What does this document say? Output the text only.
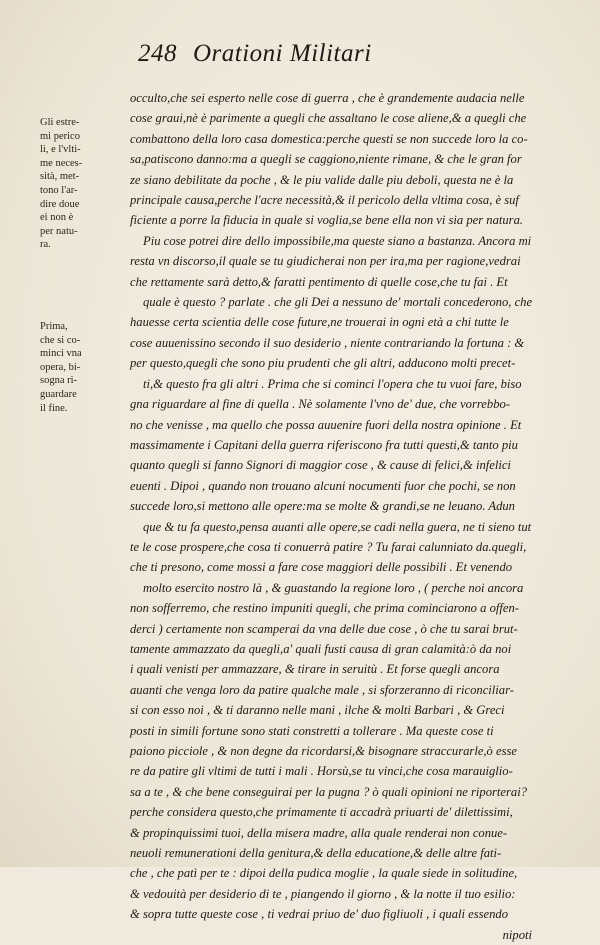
248 Orationi Militari
Gli estre-
mi perico
li, e l'vlti-
me neces-
sità, met-
tono l'ar-
dire doue
ei non è
per natu-
ra.
Prima,
che si co-
minci vna
opera, bi-
sogna ri-
guardare
il fine.
occulto,che sei esperto nelle cose di guerra , che è grandemente audacia nelle
cose graui,nè è parimente a quegli che assaltano le cose aliene,& a quegli che
combattono della loro casa domestica:perche questi se non succede loro la co-
sa,patiscono danno:ma a quegli se caggiono,niente rimane, & che le gran for
ze siano debilitate da poche , & le piu valide dalle piu deboli, questa ne è la
principale causa,perche l'acre necessità,& il pericolo della vltima cosa, è suf
ficiente a porre la fiducia in quale si voglia,se bene ella non vi sia per natura.
Piu cose potrei dire dello impossibile,ma queste siano a bastanza. Ancora mi
resta vn discorso,il quale se tu giudicherai non per ira,ma per ragione,vedrai
che rettamente sarà detto,& faratti pentimento di quelle cose,che tu fai . Et
quale è questo ? parlate . che gli Dei a nessuno de' mortali concederono, che
hauesse certa scientia delle cose future,ne trouerai in ogni età a chi tutte le
cose auuenissino secondo il suo desiderio , niente contrariando la fortuna : &
per questo,quegli che sono piu prudenti che gli altri, adducono molti precet-
ti,& questo fra gli altri . Prima che si cominci l'opera che tu vuoi fare, biso
gna riguardare al fine di quella . Nè solamente l'vno de' due, che vorrebbo-
no che venisse , ma quello che possa auuenire fuori della nostra opinione . Et
massimamente i Capitani della guerra riferiscono fra tutti questi,& tanto piu
quanto quegli si fanno Signori di maggior cose , & cause di felici,& infelici
euenti . Dipoi , quando non trouano alcuni nocumenti fuor che pochi, se non
succede loro,si mettono alle opere:ma se molte & grandi,se ne leuano. Adun
que & tu fa questo,pensa auanti alle opere,se cadi nella guera, ne ti sieno tut
te le cose prospere,che cosa ti conuerrà patire ? Tu farai calunniato da.quegli,
che ti presono, come mossi a fare cose maggiori delle possibili . Et venendo
molto esercito nostro là , & guastando la regione loro , ( perche noi ancora
non sofferremo, che restino impuniti quegli, che prima cominciarono a offen-
derci ) certamente non scamperai da vna delle due cose , ò che tu sarai brut-
tamente ammazzato da quegli,a' quali fusti causa di gran calamità:ò da noi
i quali venisti per ammazzare, & tirare in seruitù . Et forse quegli ancora
auanti che venga loro da patire qualche male , si sforzeranno di riconciliar-
si con esso noi , & ti daranno nelle mani , ilche & molti Barbari , & Greci
posti in simili fortune sono stati constretti a tollerare . Ma queste cose ti
paiono picciole , & non degne da ricordarsi,& bisognare straccurarle,ò esse
re da patire gli vltimi de tutti i mali . Horsù,se tu vinci,che cosa marauiglio-
sa a te , & che bene conseguirai per la pugna ? ò quali opinioni ne riporterai?
perche considera questo,che primamente ti accadrà priuarti de' dilettissimi,
& propinquissimi tuoi, della misera madre, alla quale renderai non conue-
neuoli remunerationi della genitura,& della educatione,& delle altre fati-
che , che patì per te : dipoi della pudica moglie , la quale siede in solitudine,
& vedouità per desiderio di te , piangendo il giorno , & la notte il tuo esilio:
& sopra tutte queste cose , ti vedrai priuo de' duo figliuoli , i quali essendo
nipoti
